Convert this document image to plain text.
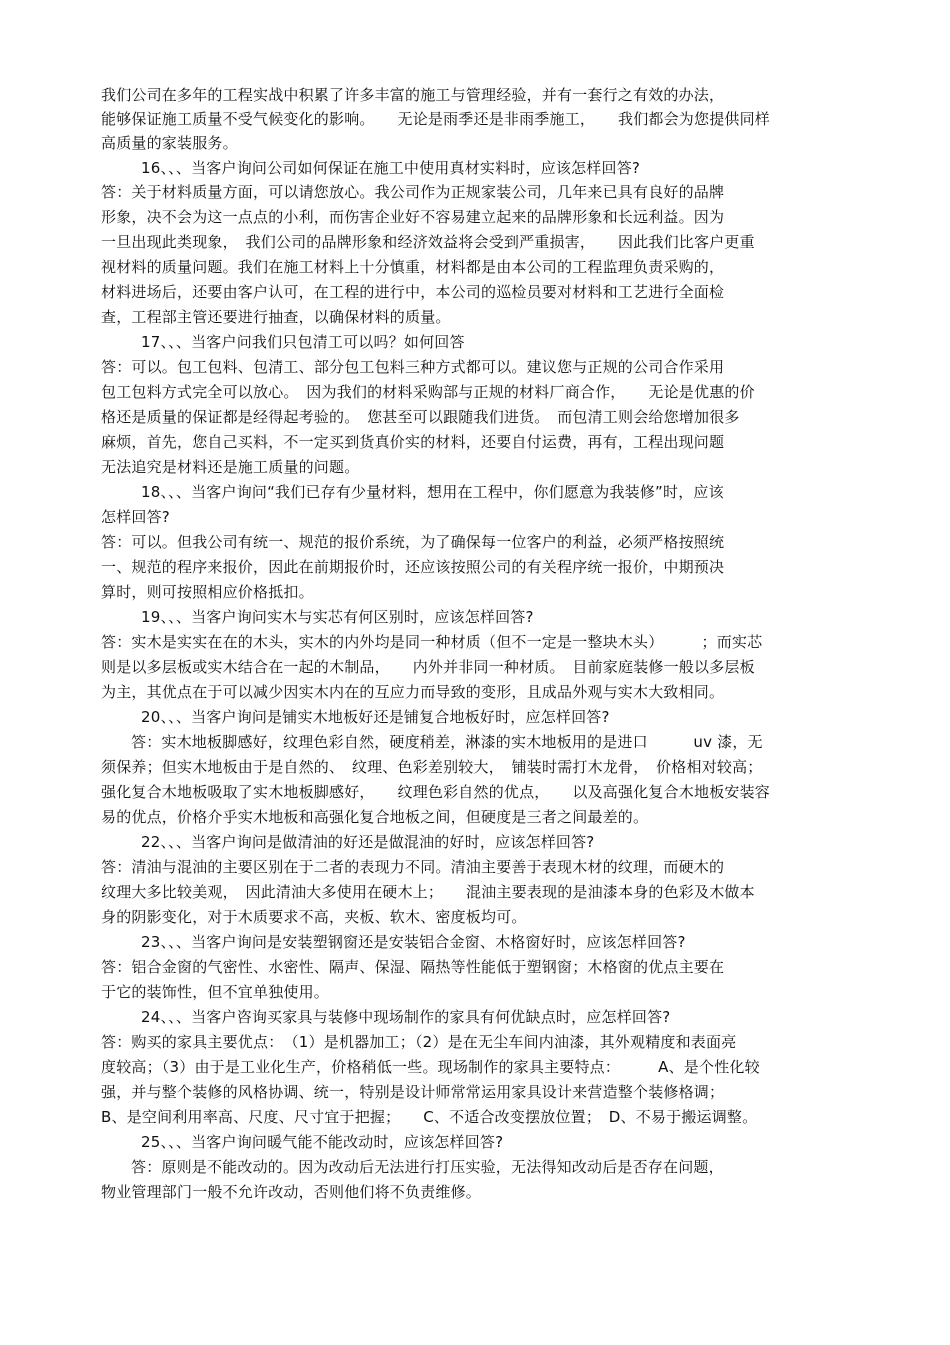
我们公司在多年的工程实战中积累了许多丰富的施工与管理经验，并有一套行之有效的办法，
能够保证施工质量不受气候变化的影响。　　无论是雨季还是非雨季施工，　　我们都会为您提供同样
高质量的家装服务。
16、、、当客户询问公司如何保证在施工中使用真材实料时，应该怎样回答?
答：关于材料质量方面，可以请您放心。我公司作为正规家装公司，几年来已具有良好的品牌
形象，决不会为这一点点的小利，而伤害企业好不容易建立起来的品牌形象和长远利益。因为
一旦出现此类现象，　我们公司的品牌形象和经济效益将会受到严重损害，　　因此我们比客户更重
视材料的质量问题。我们在施工材料上十分慎重，材料都是由本公司的工程监理负责采购的，
材料进场后，还要由客户认可，在工程的进行中，本公司的巡检员要对材料和工艺进行全面检
查，工程部主管还要进行抽查，以确保材料的质量。
17、、、当客户问我们只包清工可以吗？如何回答
答：可以。包工包料、包清工、部分包工包料三种方式都可以。建议您与正规的公司合作采用
包工包料方式完全可以放心。　因为我们的材料采购部与正规的材料厂商合作，　　无论是优惠的价
格还是质量的保证都是经得起考验的。　您甚至可以跟随我们进货。　而包清工则会给您增加很多
麻烦，首先，您自己买料，不一定买到货真价实的材料，还要自付运费，再有，工程出现问题
无法追究是材料还是施工质量的问题。
18、、、当客户询问“我们已存有少量材料，想用在工程中，你们愿意为我装修”时，应该
怎样回答?
答：可以。但我公司有统一、规范的报价系统，为了确保每一位客户的利益，必须严格按照统
一、规范的程序来报价，因此在前期报价时，还应该按照公司的有关程序统一报价，中期预决
算时，则可按照相应价格抵扣。
19、、、当客户询问实木与实芯有何区别时，应该怎样回答?
答：实木是实实在在的木头，实木的内外均是同一种材质（但不一定是一整块木头）　　　；而实芯
则是以多层板或实木结合在一起的木制品，　　内外并非同一种材质。　目前家庭装修一般以多层板
为主，其优点在于可以减少因实木内在的互应力而导致的变形，且成品外观与实木大致相同。
20、、、当客户询问是铺实木地板好还是铺复合地板好时，应怎样回答?
答：实木地板脚感好，纹理色彩自然，硬度稍差，淋漆的实木地板用的是进口　　　uv 漆，无
须保养；但实木地板由于是自然的、　纹理、色彩差别较大，　铺装时需打木龙骨，　价格相对较高；
强化复合木地板吸取了实木地板脚感好，　　纹理色彩自然的优点，　　以及高强化复合木地板安装容
易的优点，价格介乎实木地板和高强化复合地板之间，但硬度是三者之间最差的。
22、、、当客户询问是做清油的好还是做混油的好时，应该怎样回答?
答：清油与混油的主要区别在于二者的表现力不同。清油主要善于表现木材的纹理，而硬木的
纹理大多比较美观，　因此清油大多使用在硬木上；　　混油主要表现的是油漆本身的色彩及木做本
身的阴影变化，对于木质要求不高，夹板、软木、密度板均可。
23、、、当客户询问是安装塑钢窗还是安装铝合金窗、木格窗好时，应该怎样回答?
答：铝合金窗的气密性、水密性、隔声、保湿、隔热等性能低于塑钢窗；木格窗的优点主要在
于它的装饰性，但不宜单独使用。
24、、、当客户咨询买家具与装修中现场制作的家具有何优缺点时，应怎样回答?
答：购买的家具主要优点：　（1）是机器加工；（2）是在无尘车间内油漆，其外观精度和表面亮
度较高；（3）由于是工业化生产，价格稍低一些。现场制作的家具主要特点：　　　A、是个性化较
强，并与整个装修的风格协调、统一，特别是设计师常常运用家具设计来营造整个装修格调；
B、是空间利用率高、尺度、尺寸宜于把握；　　C、不适合改变摆放位置；　D、不易于搬运调整。
25、、、当客户询问暖气能不能改动时，应该怎样回答?
答：原则是不能改动的。因为改动后无法进行打压实验，无法得知改动后是否存在问题，
物业管理部门一般不允许改动，否则他们将不负责维修。
